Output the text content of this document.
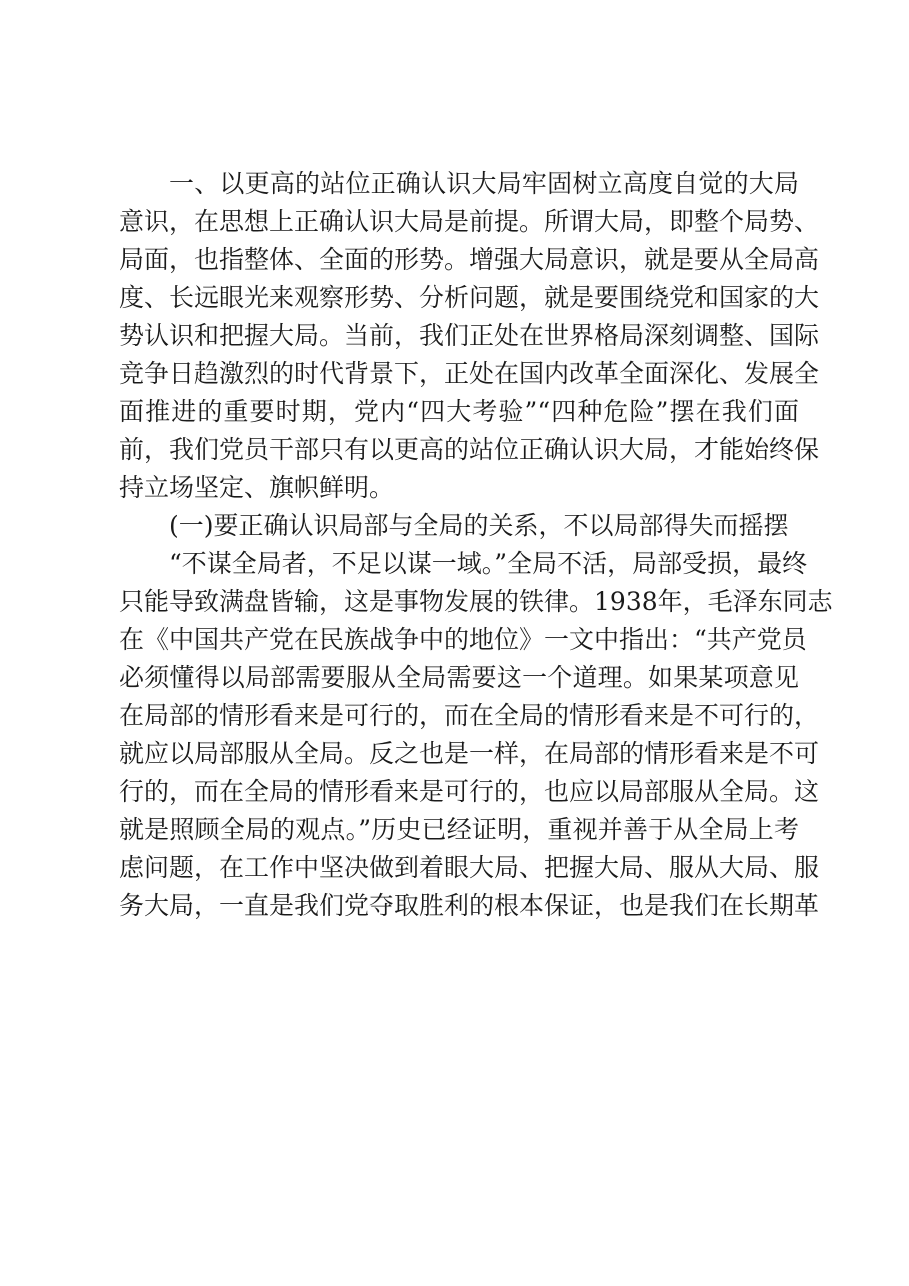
一、以更高的站位正确认识大局牢固树立高度自觉的大局
意识，在思想上正确认识大局是前提。所谓大局，即整个局势、
局面，也指整体、全面的形势。增强大局意识，就是要从全局高
度、长远眼光来观察形势、分析问题，就是要围绕党和国家的大
势认识和把握大局。当前，我们正处在世界格局深刻调整、国际
竞争日趋激烈的时代背景下，正处在国内改革全面深化、发展全
面推进的重要时期，党内“四大考验”“四种危险”摆在我们面
前，我们党员干部只有以更高的站位正确认识大局，才能始终保
持立场坚定、旗帜鲜明。
(一)要正确认识局部与全局的关系，不以局部得失而摇摆
“不谋全局者，不足以谋一域。”全局不活，局部受损，最终
只能导致满盘皆输，这是事物发展的铁律。1938年，毛泽东同志
在《中国共产党在民族战争中的地位》一文中指出：“共产党员
必须懂得以局部需要服从全局需要这一个道理。如果某项意见
在局部的情形看来是可行的，而在全局的情形看来是不可行的，
就应以局部服从全局。反之也是一样，在局部的情形看来是不可
行的，而在全局的情形看来是可行的，也应以局部服从全局。这
就是照顾全局的观点。”历史已经证明，重视并善于从全局上考
虑问题，在工作中坚决做到着眼大局、把握大局、服从大局、服
务大局，一直是我们党夺取胜利的根本保证，也是我们在长期革
